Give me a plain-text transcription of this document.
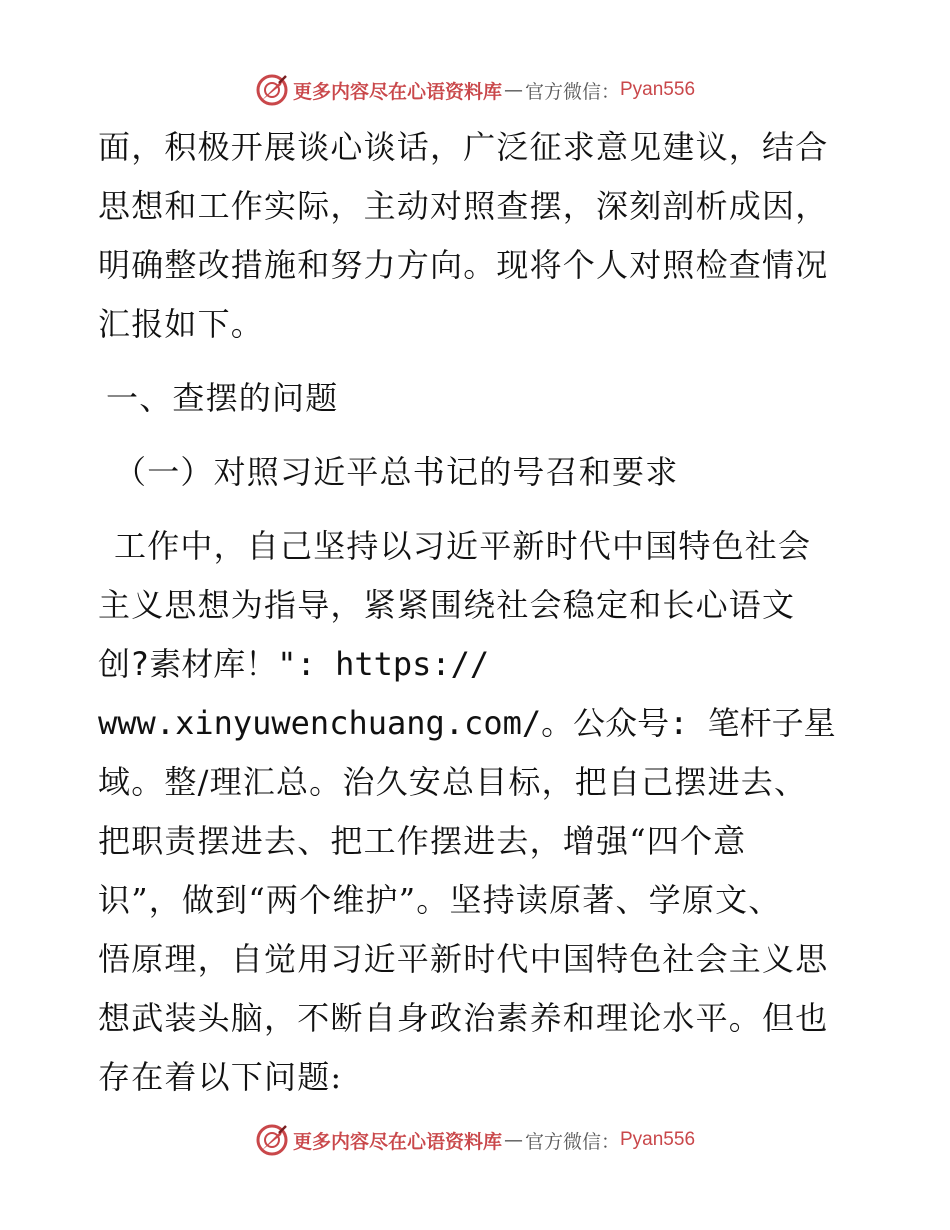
更多内容尽在心语资料库 — 官方微信： Pyan556
面，积极开展谈心谈话，广泛征求意见建议，结合
思想和工作实际，主动对照查摆，深刻剖析成因，
明确整改措施和努力方向。现将个人对照检查情况
汇报如下。
一、查摆的问题
（一）对照习近平总书记的号召和要求
工作中，自己坚持以习近平新时代中国特色社会
主义思想为指导，紧紧围绕社会稳定和长心语文
创?素材库！": https://
www.xinyuwenchuang.com/。公众号: 笔杆子星
域。整/理汇总。治久安总目标，把自己摆进去、
把职责摆进去、把工作摆进去，增强“四个意
识”，做到“两个维护”。坚持读原著、学原文、
悟原理，自觉用习近平新时代中国特色社会主义思
想武装头脑，不断自身政治素养和理论水平。但也
存在着以下问题:
更多内容尽在心语资料库 — 官方微信： Pyan556
